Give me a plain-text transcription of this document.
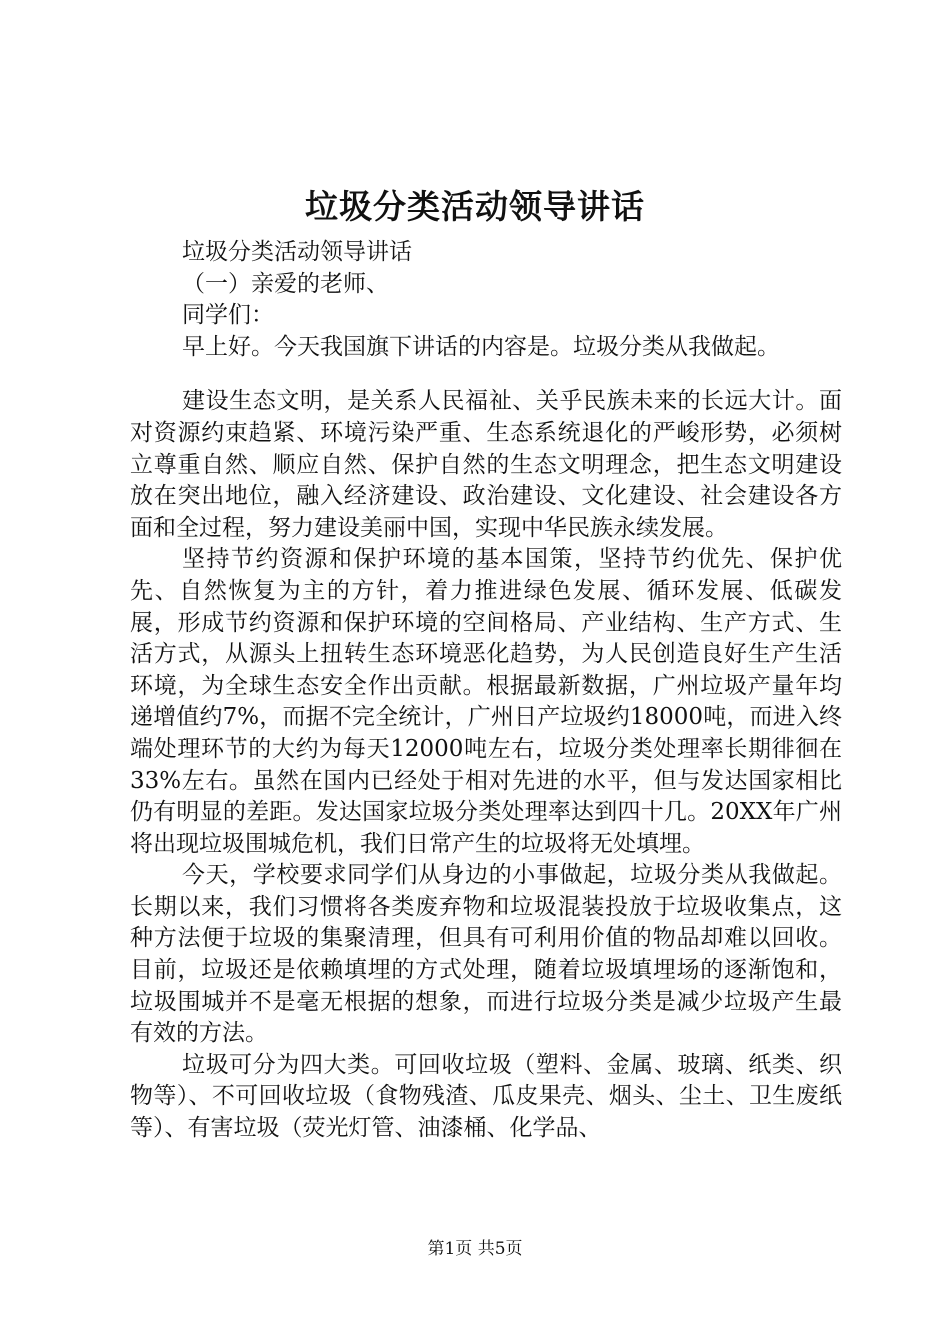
垃圾分类活动领导讲话
垃圾分类活动领导讲话
（一）亲爱的老师、
同学们：
早上好。今天我国旗下讲话的内容是。垃圾分类从我做起。

建设生态文明，是关系人民福祉、关乎民族未来的长远大计。面对资源约束趋紧、环境污染严重、生态系统退化的严峻形势，必须树立尊重自然、顺应自然、保护自然的生态文明理念，把生态文明建设放在突出地位，融入经济建设、政治建设、文化建设、社会建设各方面和全过程，努力建设美丽中国，实现中华民族永续发展。

坚持节约资源和保护环境的基本国策，坚持节约优先、保护优先、自然恢复为主的方针，着力推进绿色发展、循环发展、低碳发展，形成节约资源和保护环境的空间格局、产业结构、生产方式、生活方式，从源头上扭转生态环境恶化趋势，为人民创造良好生产生活环境，为全球生态安全作出贡献。根据最新数据，广州垃圾产量年均递增值约7%，而据不完全统计，广州日产垃圾约18000吨，而进入终端处理环节的大约为每天12000吨左右，垃圾分类处理率长期徘徊在33%左右。虽然在国内已经处于相对先进的水平，但与发达国家相比仍有明显的差距。发达国家垃圾分类处理率达到四十几。20XX年广州将出现垃圾围城危机，我们日常产生的垃圾将无处填埋。

今天，学校要求同学们从身边的小事做起，垃圾分类从我做起。长期以来，我们习惯将各类废弃物和垃圾混装投放于垃圾收集点，这种方法便于垃圾的集聚清理，但具有可利用价值的物品却难以回收。目前，垃圾还是依赖填埋的方式处理，随着垃圾填埋场的逐渐饱和，垃圾围城并不是毫无根据的想象，而进行垃圾分类是减少垃圾产生最有效的方法。

垃圾可分为四大类。可回收垃圾（塑料、金属、玻璃、纸类、织物等）、不可回收垃圾（食物残渣、瓜皮果壳、烟头、尘土、卫生废纸等）、有害垃圾（荧光灯管、油漆桶、化学品、

第1页 共5页
